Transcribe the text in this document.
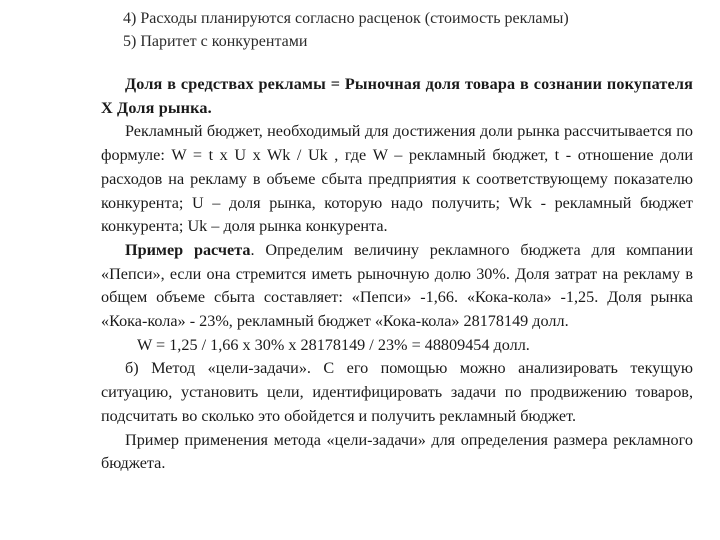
4) Расходы планируются согласно расценок (стоимость рекламы)
5) Паритет с конкурентами

Доля в средствах рекламы = Рыночная доля товара в сознании покупателя Х Доля рынка.

Рекламный бюджет, необходимый для достижения доли рынка рассчитывается по формуле: W = t x U x Wk / Uk , где W – рекламный бюджет, t - отношение доли расходов на рекламу в объеме сбыта предприятия к соответствующему показателю конкурента; U – доля рынка, которую надо получить; Wk - рекламный бюджет конкурента; Uk – доля рынка конкурента.

Пример расчета. Определим величину рекламного бюджета для компании «Пепси», если она стремится иметь рыночную долю 30%. Доля затрат на рекламу в общем объеме сбыта составляет: «Пепси» -1,66. «Кока-кола» -1,25. Доля рынка «Кока-кола» - 23%, рекламный бюджет «Кока-кола» 28178149 долл.

W = 1,25 / 1,66 x 30% x 28178149 / 23% = 48809454 долл.

б) Метод «цели-задачи». С его помощью можно анализировать текущую ситуацию, установить цели, идентифицировать задачи по продвижению товаров, подсчитать во сколько это обойдется и получить рекламный бюджет.

Пример применения метода «цели-задачи» для определения размера рекламного бюджета.
